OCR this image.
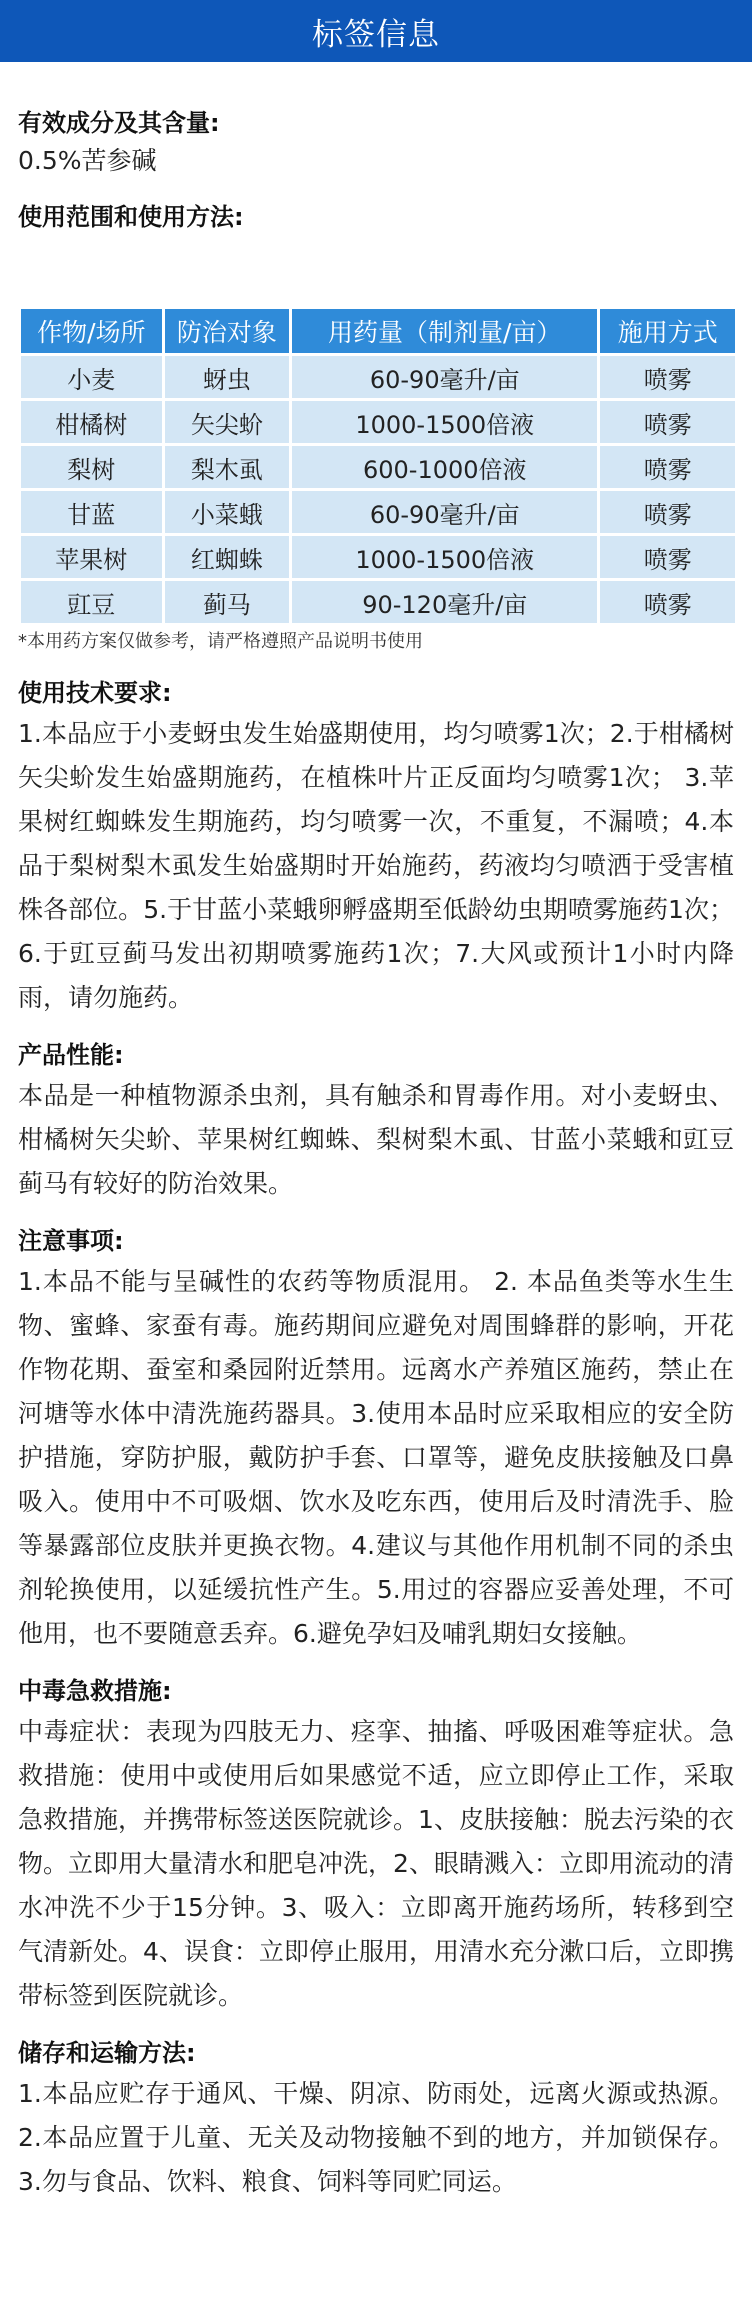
标签信息

有效成分及其含量:

0.5%苦参碱

使用范围和使用方法:

作物/场所	防治对象	用药量（制剂量/亩）	施用方式
小麦	蚜虫	60-90毫升/亩	喷雾
柑橘树	矢尖蚧	1000-1500倍液	喷雾
梨树	梨木虱	600-1000倍液	喷雾
甘蓝	小菜蛾	60-90毫升/亩	喷雾
苹果树	红蜘蛛	1000-1500倍液	喷雾
豇豆	蓟马	90-120毫升/亩	喷雾

*本用药方案仅做参考，请严格遵照产品说明书使用

使用技术要求:

1.本品应于小麦蚜虫发生始盛期使用，均匀喷雾1次；2.于柑橘树矢尖蚧发生始盛期施药，在植株叶片正反面均匀喷雾1次； 3.苹果树红蜘蛛发生期施药，均匀喷雾一次，不重复，不漏喷；4.本品于梨树梨木虱发生始盛期时开始施药，药液均匀喷洒于受害植株各部位。5.于甘蓝小菜蛾卵孵盛期至低龄幼虫期喷雾施药1次；6.于豇豆蓟马发出初期喷雾施药1次；7.大风或预计1小时内降雨，请勿施药。

产品性能:

本品是一种植物源杀虫剂，具有触杀和胃毒作用。对小麦蚜虫、柑橘树矢尖蚧、苹果树红蜘蛛、梨树梨木虱、甘蓝小菜蛾和豇豆蓟马有较好的防治效果。

注意事项:

1.本品不能与呈碱性的农药等物质混用。 2. 本品鱼类等水生生物、蜜蜂、家蚕有毒。施药期间应避免对周围蜂群的影响，开花作物花期、蚕室和桑园附近禁用。远离水产养殖区施药，禁止在河塘等水体中清洗施药器具。3.使用本品时应采取相应的安全防护措施，穿防护服，戴防护手套、口罩等，避免皮肤接触及口鼻吸入。使用中不可吸烟、饮水及吃东西，使用后及时清洗手、脸等暴露部位皮肤并更换衣物。4.建议与其他作用机制不同的杀虫剂轮换使用，以延缓抗性产生。5.用过的容器应妥善处理，不可他用，也不要随意丢弃。6.避免孕妇及哺乳期妇女接触。

中毒急救措施:

中毒症状：表现为四肢无力、痉挛、抽搐、呼吸困难等症状。急救措施：使用中或使用后如果感觉不适，应立即停止工作，采取急救措施，并携带标签送医院就诊。1、皮肤接触：脱去污染的衣物。立即用大量清水和肥皂冲洗，2、眼睛溅入：立即用流动的清水冲洗不少于15分钟。3、吸入：立即离开施药场所，转移到空气清新处。4、误食：立即停止服用，用清水充分漱口后，立即携带标签到医院就诊。

储存和运输方法:

1.本品应贮存于通风、干燥、阴凉、防雨处，远离火源或热源。2.本品应置于儿童、无关及动物接触不到的地方，并加锁保存。3.勿与食品、饮料、粮食、饲料等同贮同运。
